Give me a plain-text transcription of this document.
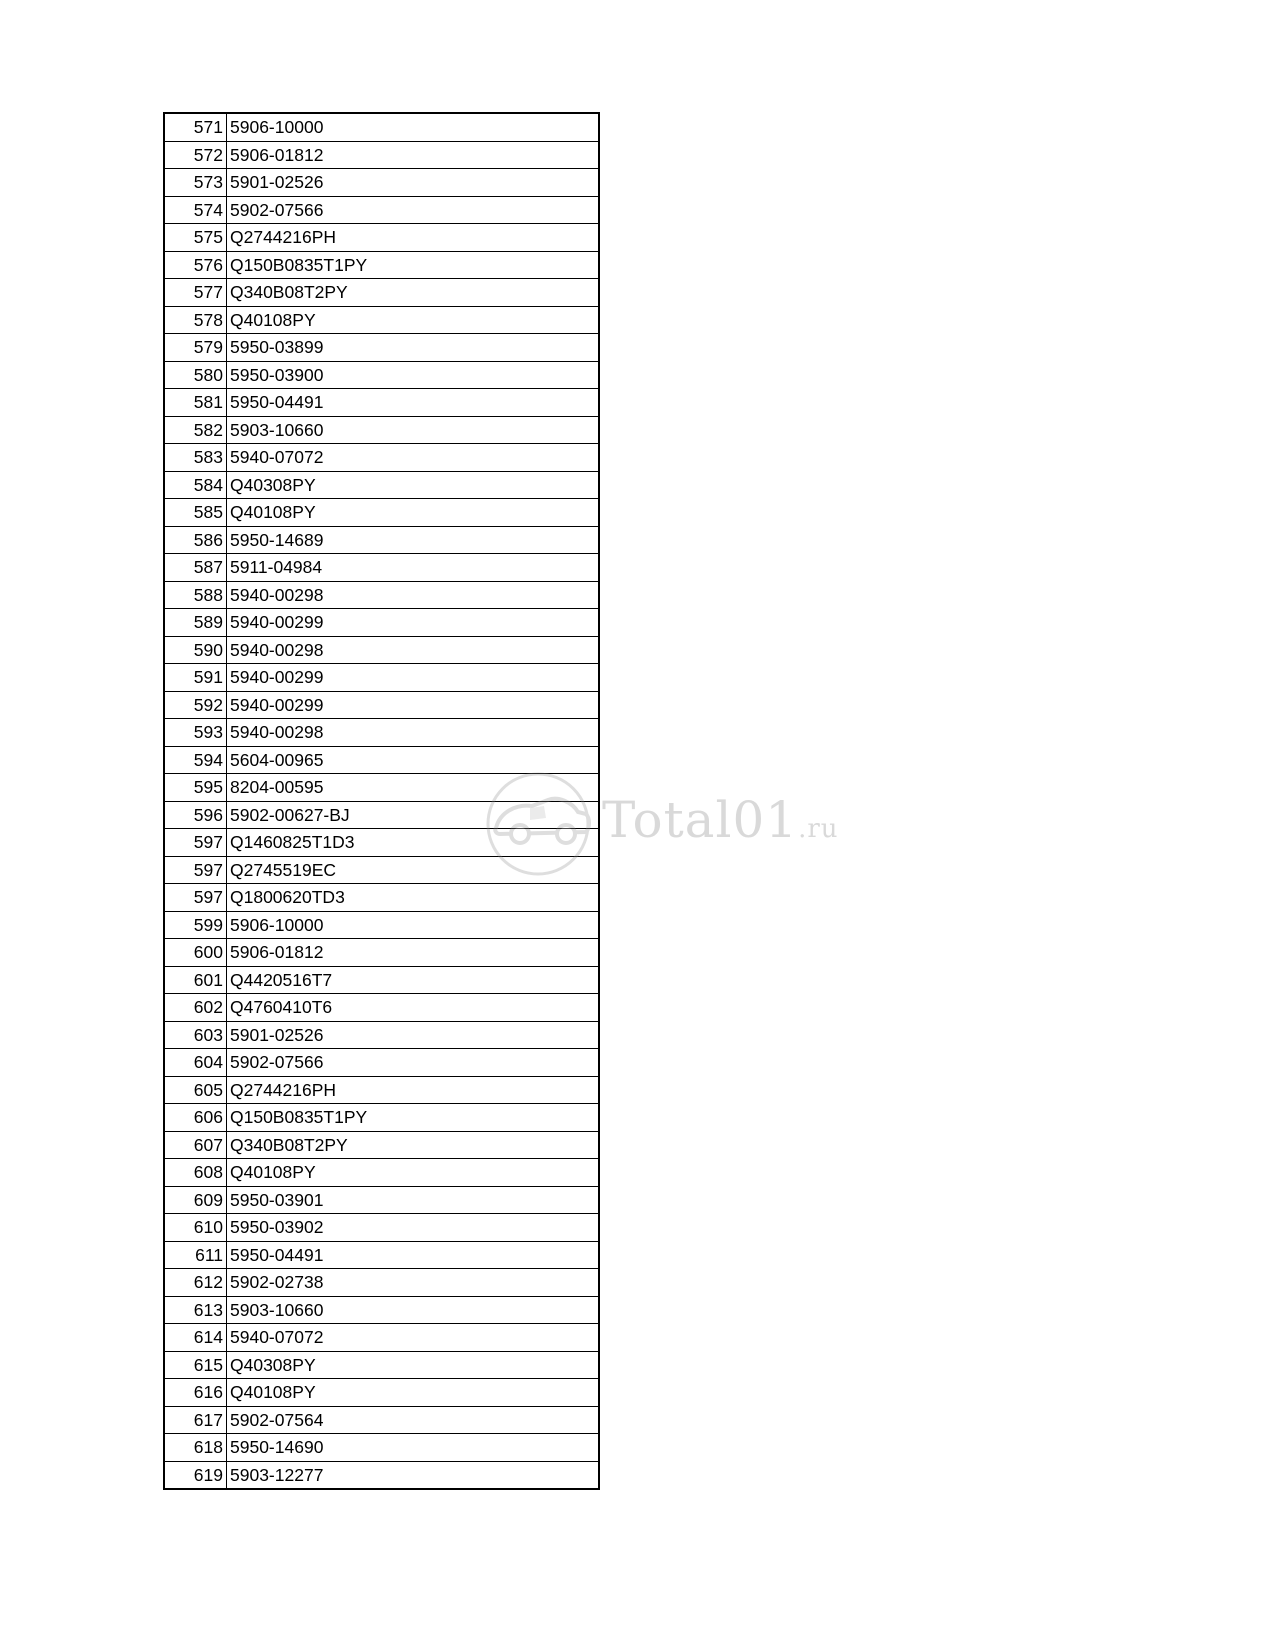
571	5906-10000
572	5906-01812
573	5901-02526
574	5902-07566
575	Q2744216PH
576	Q150B0835T1PY
577	Q340B08T2PY
578	Q40108PY
579	5950-03899
580	5950-03900
581	5950-04491
582	5903-10660
583	5940-07072
584	Q40308PY
585	Q40108PY
586	5950-14689
587	5911-04984
588	5940-00298
589	5940-00299
590	5940-00298
591	5940-00299
592	5940-00299
593	5940-00298
594	5604-00965
595	8204-00595
596	5902-00627-BJ
597	Q1460825T1D3
597	Q2745519EC
597	Q1800620TD3
599	5906-10000
600	5906-01812
601	Q4420516T7
602	Q4760410T6
603	5901-02526
604	5902-07566
605	Q2744216PH
606	Q150B0835T1PY
607	Q340B08T2PY
608	Q40108PY
609	5950-03901
610	5950-03902
611	5950-04491
612	5902-02738
613	5903-10660
614	5940-07072
615	Q40308PY
616	Q40108PY
617	5902-07564
618	5950-14690
619	5903-12277
Total01.ru
